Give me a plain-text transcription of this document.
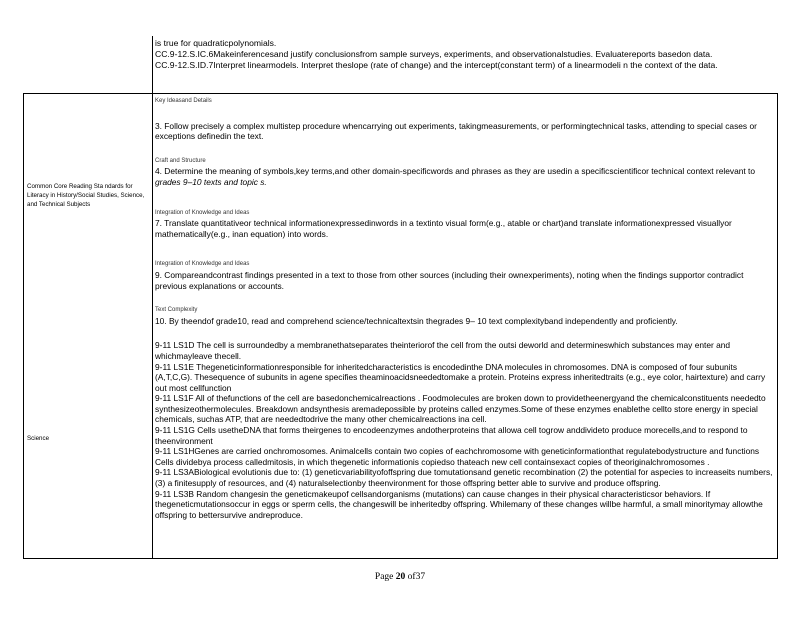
is true for quadraticpolynomials.
CC.9-12.S.IC.6Makeinferencesand justify conclusionsfrom sample surveys, experiments, and observationalstudies. Evaluatereports basedon data.
CC.9-12.S.ID.7Interpret linearmodels. Interpret theslope (rate of change) and the intercept(constant term) of a linearmodeli n the context of the data.
Common Core Reading Sta ndards for Literacy in History/Social Studies, Science, and Technical Subjects
Science
Key Ideasand Details
3. Follow precisely a complex multistep procedure whencarrying out experiments, takingmeasurements, or performingtechnical tasks, attending to special cases or exceptions definedin the text.
Craft and Structure
4. Determine the meaning of symbols,key terms,and other domain-specificwords and phrases as they are usedin a specificscientificor technical context relevant to grades 9–10 texts and topic s.
Integration of Knowledge and Ideas
7. Translate quantitativeor technical informationexpressedinwords in a textinto visual form(e.g., atable or chart)and translate informationexpressed visuallyor mathematically(e.g., inan equation) into words.
Integration of Knowledge and Ideas
9. Compareandcontrast findings presented in a text to those from other sources (including their ownexperiments), noting when the findings supportor contradict previous explanations or accounts.
Text Complexity
10. By theendof grade10, read and comprehend science/technicaltextsin thegrades 9– 10 text complexityband independently and proficiently.
9-11 LS1D The cell is surroundedby a membranethatseparates theinteriorof the cell from the outsi deworld and determineswhich substances may enter and whichmayleave thecell.
9-11 LS1E Thegeneticinformationresponsible for inheritedcharacteristics is encodedinthe DNA molecules in chromosomes. DNA is composed of four subunits (A,T,C,G). Thesequence of subunits in agene specifies theaminoacidsneededtomake a protein. Proteins express inheritedtraits (e.g., eye color, hairtexture) and carry out most cellfunction
9-11 LS1F All of thefunctions of the cell are basedonchemicalreactions . Foodmolecules are broken down to providetheenergyand the chemicalconstituents neededto synthesizeothermolecules. Breakdown andsynthesis aremadepossible by proteins called enzymes.Some of these enzymes enablethe cellto store energy in special chemicals, suchas ATP, that are neededtodrive the many other chemicalreactions ina cell.
9-11 LS1G Cells usetheDNA that forms theirgenes to encodeenzymes andotherproteins that allowa cell togrow anddivideto produce morecells,and to respond to theenvironment
9-11 LS1HGenes are carried onchromosomes. Animalcells contain two copies of eachchromosome with geneticinformationthat regulatebodystructure and functions Cells dividebya process calledmitosis, in which thegenetic informationis copiedso thateach new cell containsexact copies of theoriginalchromosomes .
9-11 LS3ABiological evolutionis due to: (1) geneticvariabilityofoffspring due tomutationsand genetic recombination (2) the potential for aspecies to increaseits numbers, (3) a finitesupply of resources, and (4) naturalselectionby theenvironment for those offspring better able to survive and produce offspring.
9-11 LS3B Random changesin the geneticmakeupof cellsandorganisms (mutations) can cause changes in their physical characteristicsor behaviors. If thegeneticmutationsoccur in eggs or sperm cells, the changeswill be inheritedby offspring. Whilemany of these changes willbe harmful, a small minoritymay allowthe offspring to bettersurvive andreproduce.
Page 20 of37
